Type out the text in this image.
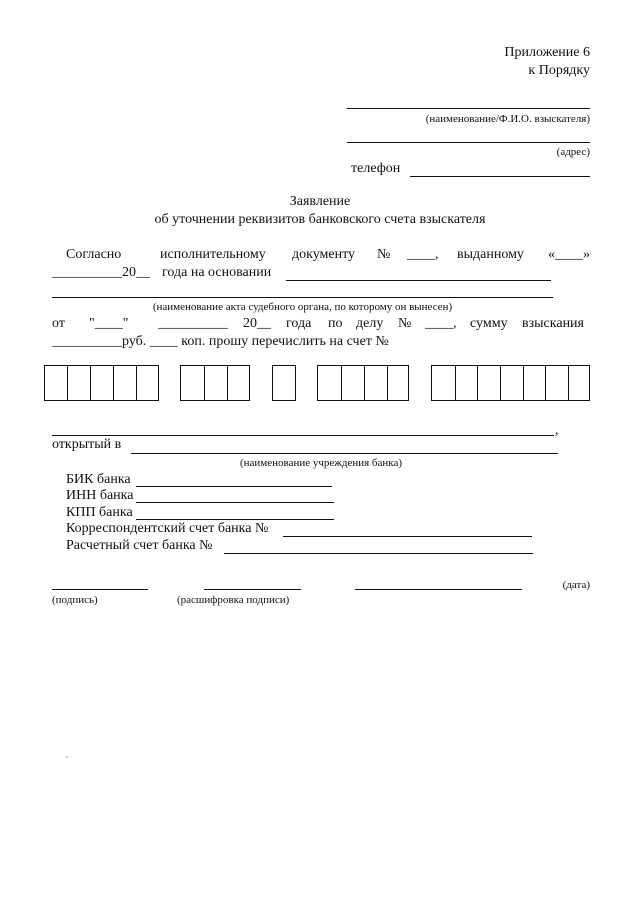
Приложение 6
к Порядку
(наименование/Ф.И.О. взыскателя)
(адрес)
телефон
Заявление
об уточнении реквизитов банковского счета взыскателя
Согласно	исполнительному документу № ____, выданному «____»
__________20__ года на основании
(наименование акта судебного органа, по которому он вынесен)
от "____" __________ 20__ года по делу № ____, сумму взыскания
__________руб. ____ коп. прошу перечислить на счет №
,
открытый в
(наименование учреждения банка)
БИК банка
ИНН банка
КПП банка
Корреспондентский счет банка №
Расчетный счет банка №
(дата)
(подпись)	(расшифровка подписи)
